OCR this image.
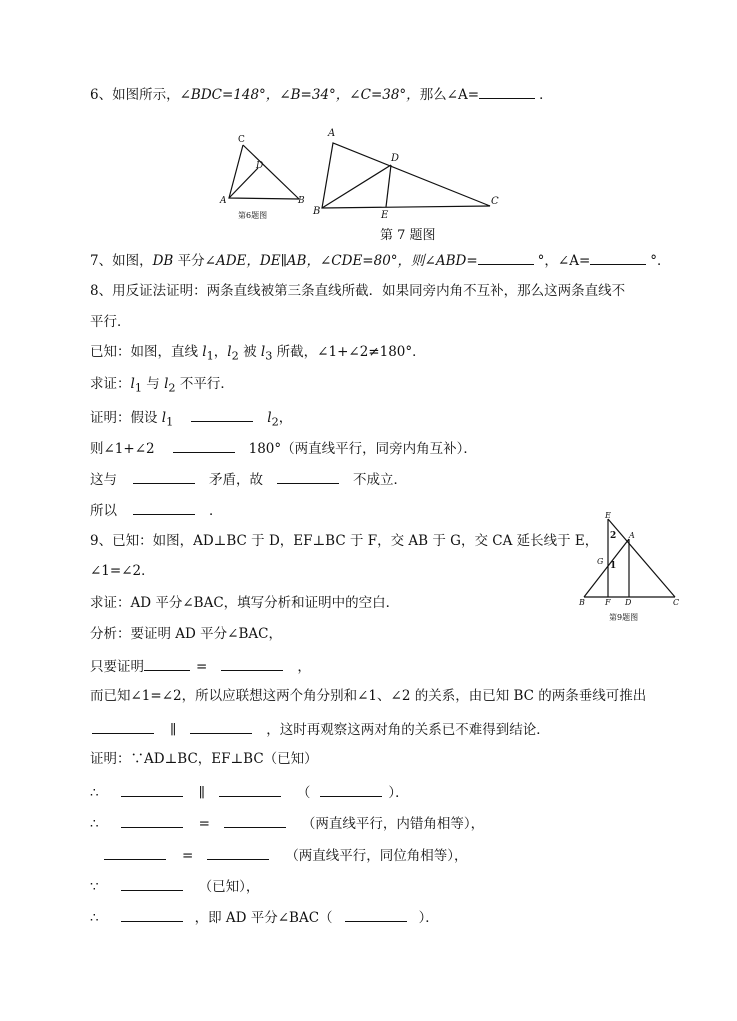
6、如图所示，∠BDC=148°，∠B=34°，∠C=38°，那么∠A=	．
C
D
A	B
第6题图
A
D
B	E
C
第 7 题图
7、如图，DB 平分∠ADE，DE∥AB，∠CDE=80°，则∠ABD=	°，∠A=	°．
8、用反证法证明：两条直线被第三条直线所截．如果同旁内角不互补，那么这两条直线不
平行．
已知：如图，直线 $l_1$，$l_2$ 被 $l_3$ 所截，∠1+∠2≠180°．
求证：$l_1$ 与 $l_2$ 不平行．
证明：假设 $l_1$	$l_2$，
则∠1+∠2	180°（两直线平行，同旁内角互补）．
这与	矛盾，故	不成立．
所以	．	E
A
2
G 1
B	F D	C
第9题图
9、已知：如图，AD⊥BC 于 D，EF⊥BC 于 F，交 AB 于 G，交 CA 延长线于 E，
∠1=∠2．
求证：AD 平分∠BAC，填写分析和证明中的空白．
分析：要证明 AD 平分∠BAC，
只要证明	=	，
而已知∠1=∠2，所以应联想这两个角分别和∠1、∠2 的关系，由已知 BC 的两条垂线可推出
∥	，这时再观察这两对角的关系已不难得到结论．
证明：∵AD⊥BC，EF⊥BC（已知）
∴	∥	（	）．
∴	=	（两直线平行，内错角相等），
=	（两直线平行，同位角相等），
∵	（已知），
∴	，即 AD 平分∠BAC（	）．
